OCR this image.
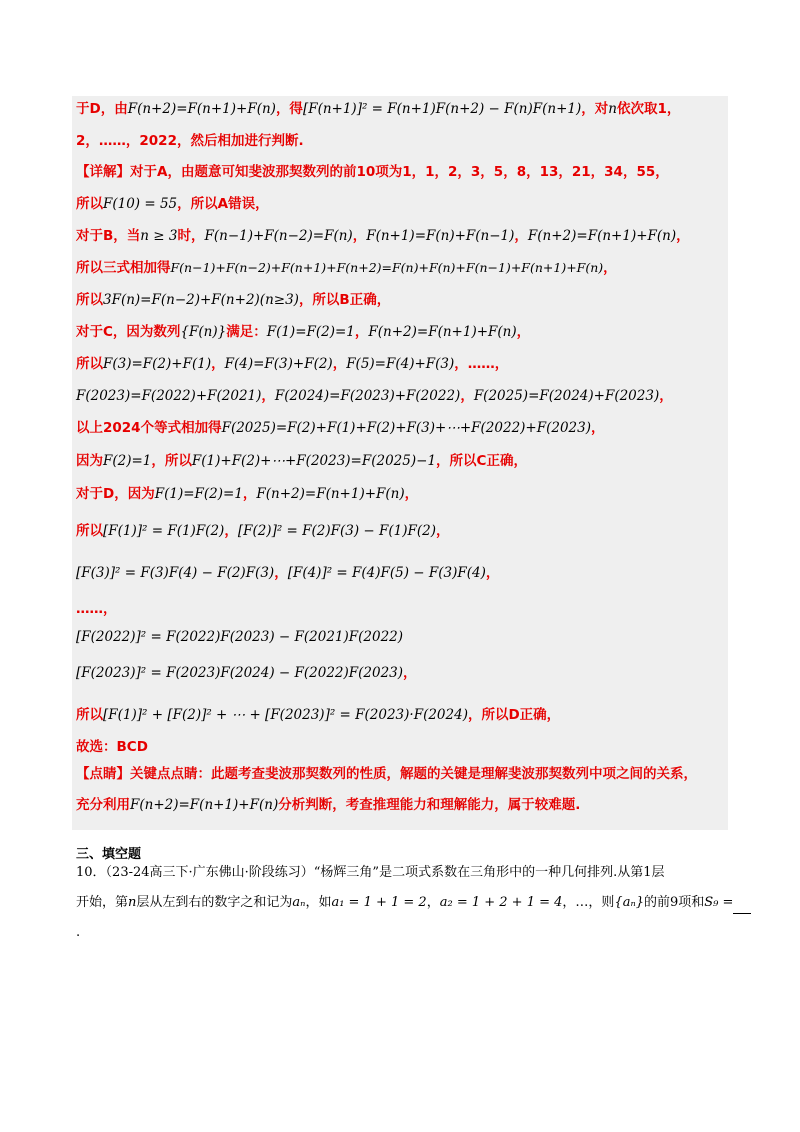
于D，由F(n+2)=F(n+1)+F(n)，得[F(n+1)]² = F(n+1)F(n+2) − F(n)F(n+1)，对n依次取1，
2，……，2022，然后相加进行判断.
【详解】对于A，由题意可知斐波那契数列的前10项为1，1，2，3，5，8，13，21，34，55，
所以F(10) = 55，所以A错误，
对于B，当n ≥ 3时，F(n−1)+F(n−2)=F(n)，F(n+1)=F(n)+F(n−1)，F(n+2)=F(n+1)+F(n)，
所以三式相加得F(n−1)+F(n−2)+F(n+1)+F(n+2)=F(n)+F(n)+F(n−1)+F(n+1)+F(n)，
所以3F(n)=F(n−2)+F(n+2)(n≥3)，所以B正确，
对于C，因为数列{F(n)}满足：F(1)=F(2)=1，F(n+2)=F(n+1)+F(n)，
所以F(3)=F(2)+F(1)，F(4)=F(3)+F(2)，F(5)=F(4)+F(3)，……，
F(2023)=F(2022)+F(2021)，F(2024)=F(2023)+F(2022)，F(2025)=F(2024)+F(2023)，
以上2024个等式相加得F(2025)=F(2)+F(1)+F(2)+F(3)+⋯+F(2022)+F(2023)，
因为F(2)=1，所以F(1)+F(2)+⋯+F(2023)=F(2025)−1，所以C正确，
对于D，因为F(1)=F(2)=1，F(n+2)=F(n+1)+F(n)，
所以[F(1)]² = F(1)F(2)，[F(2)]² = F(2)F(3) − F(1)F(2)，
[F(3)]² = F(3)F(4) − F(2)F(3)，[F(4)]² = F(4)F(5) − F(3)F(4)，
……，
[F(2022)]² = F(2022)F(2023) − F(2021)F(2022)
[F(2023)]² = F(2023)F(2024) − F(2022)F(2023)，
所以[F(1)]² + [F(2)]² + ⋯ + [F(2023)]² = F(2023)·F(2024)，所以D正确，
故选：BCD
【点睛】关键点点睛：此题考查斐波那契数列的性质，解题的关键是理解斐波那契数列中项之间的关系，
充分利用F(n+2)=F(n+1)+F(n)分析判断，考查推理能力和理解能力，属于较难题.
三、填空题
10．（23-24高三下·广东佛山·阶段练习）“杨辉三角”是二项式系数在三角形中的一种几何排列.从第1层
开始，第n层从左到右的数字之和记为aₙ，如a₁ = 1 + 1 = 2，a₂ = 1 + 2 + 1 = 4，…，则{aₙ}的前9项和S₉ =
.
